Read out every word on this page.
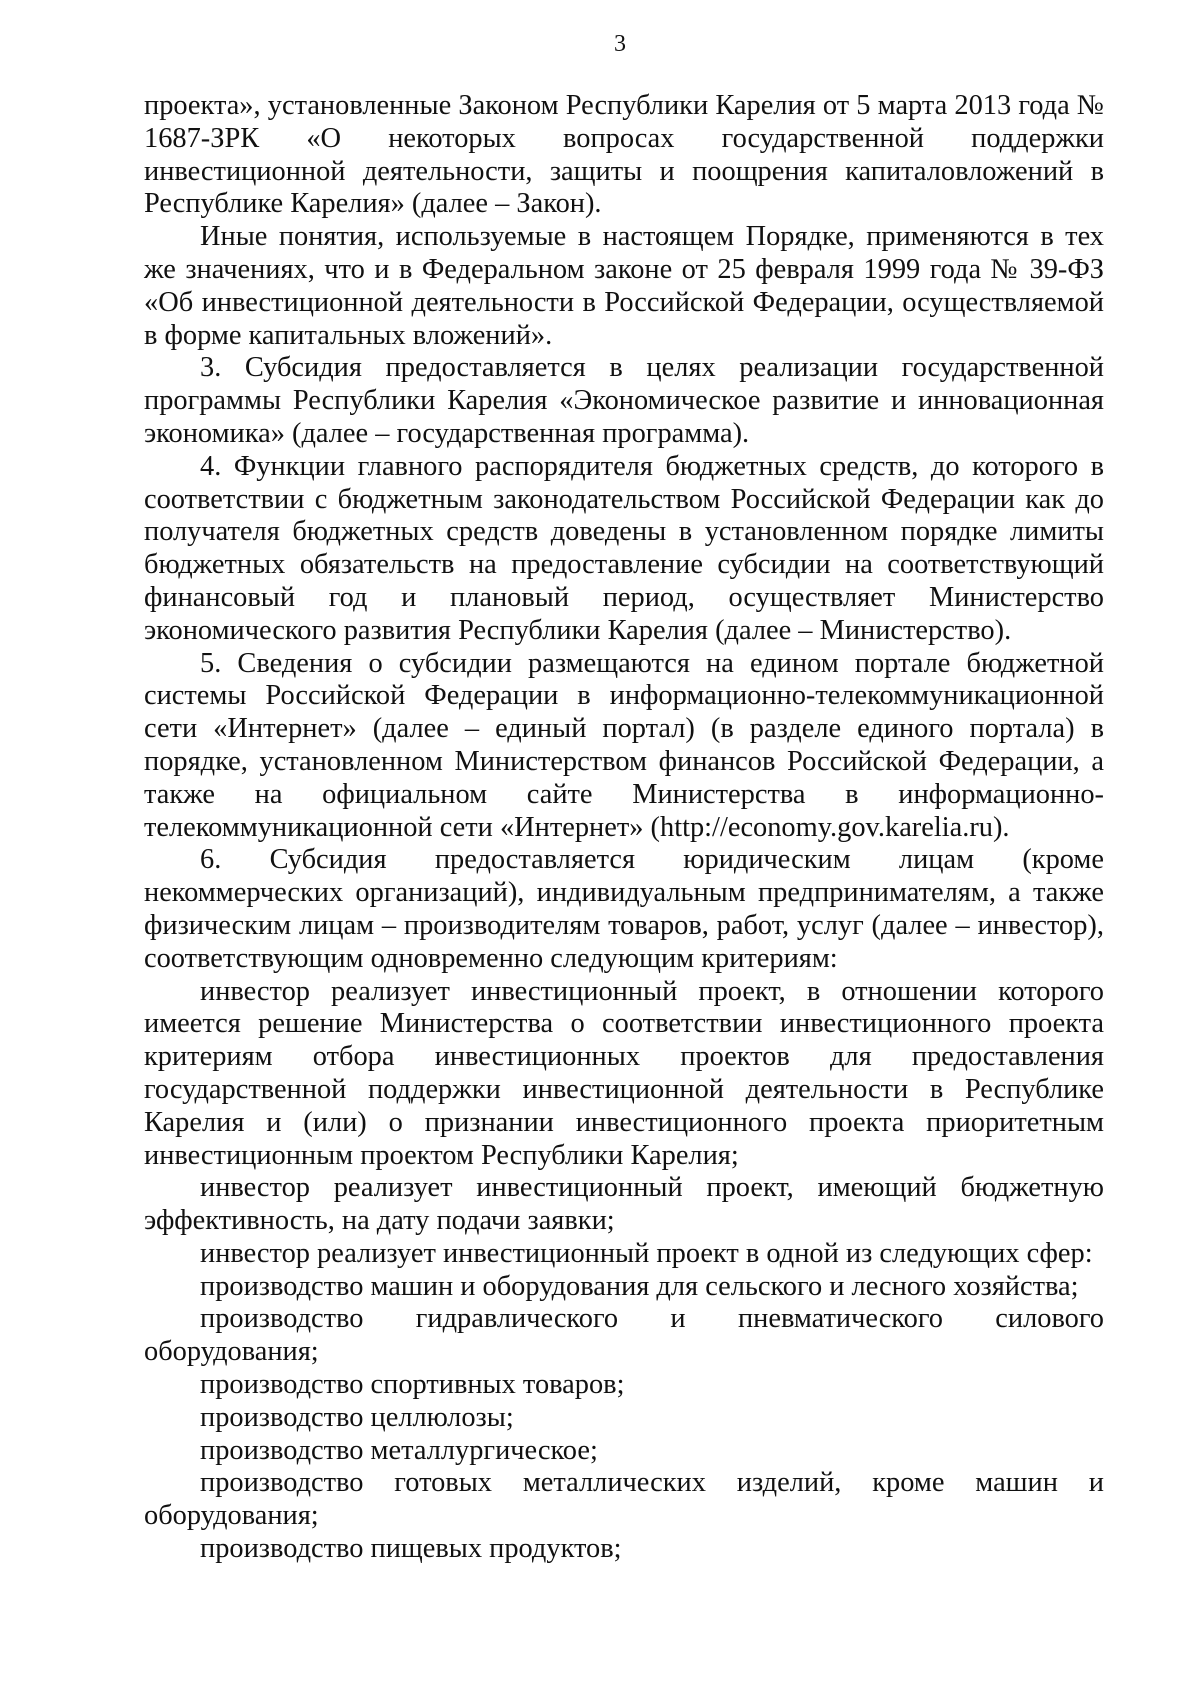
3

проекта», установленные Законом Республики Карелия от 5 марта 2013 года № 1687-ЗРК «О некоторых вопросах государственной поддержки инвестиционной деятельности, защиты и поощрения капиталовложений в Республике Карелия» (далее – Закон).

Иные понятия, используемые в настоящем Порядке, применяются в тех же значениях, что и в Федеральном законе от 25 февраля 1999 года № 39-ФЗ «Об инвестиционной деятельности в Российской Федерации, осуществляемой в форме капитальных вложений».

3. Субсидия предоставляется в целях реализации государственной программы Республики Карелия «Экономическое развитие и инновационная экономика» (далее – государственная программа).

4. Функции главного распорядителя бюджетных средств, до которого в соответствии с бюджетным законодательством Российской Федерации как до получателя бюджетных средств доведены в установленном порядке лимиты бюджетных обязательств на предоставление субсидии на соответствующий финансовый год и плановый период, осуществляет Министерство экономического развития Республики Карелия (далее – Министерство).

5. Сведения о субсидии размещаются на едином портале бюджетной системы Российской Федерации в информационно-телекоммуникационной сети «Интернет» (далее – единый портал) (в разделе единого портала) в порядке, установленном Министерством финансов Российской Федерации, а также на официальном сайте Министерства в информационно-телекоммуникационной сети «Интернет» (http://economy.gov.karelia.ru).

6. Субсидия предоставляется юридическим лицам (кроме некоммерческих организаций), индивидуальным предпринимателям, а также физическим лицам – производителям товаров, работ, услуг (далее – инвестор), соответствующим одновременно следующим критериям:

инвестор реализует инвестиционный проект, в отношении которого имеется решение Министерства о соответствии инвестиционного проекта критериям отбора инвестиционных проектов для предоставления государственной поддержки инвестиционной деятельности в Республике Карелия и (или) о признании инвестиционного проекта приоритетным инвестиционным проектом Республики Карелия;

инвестор реализует инвестиционный проект, имеющий бюджетную эффективность, на дату подачи заявки;

инвестор реализует инвестиционный проект в одной из следующих сфер:

производство машин и оборудования для сельского и лесного хозяйства;

производство гидравлического и пневматического силового оборудования;

производство спортивных товаров;

производство целлюлозы;

производство металлургическое;

производство готовых металлических изделий, кроме машин и оборудования;

производство пищевых продуктов;
